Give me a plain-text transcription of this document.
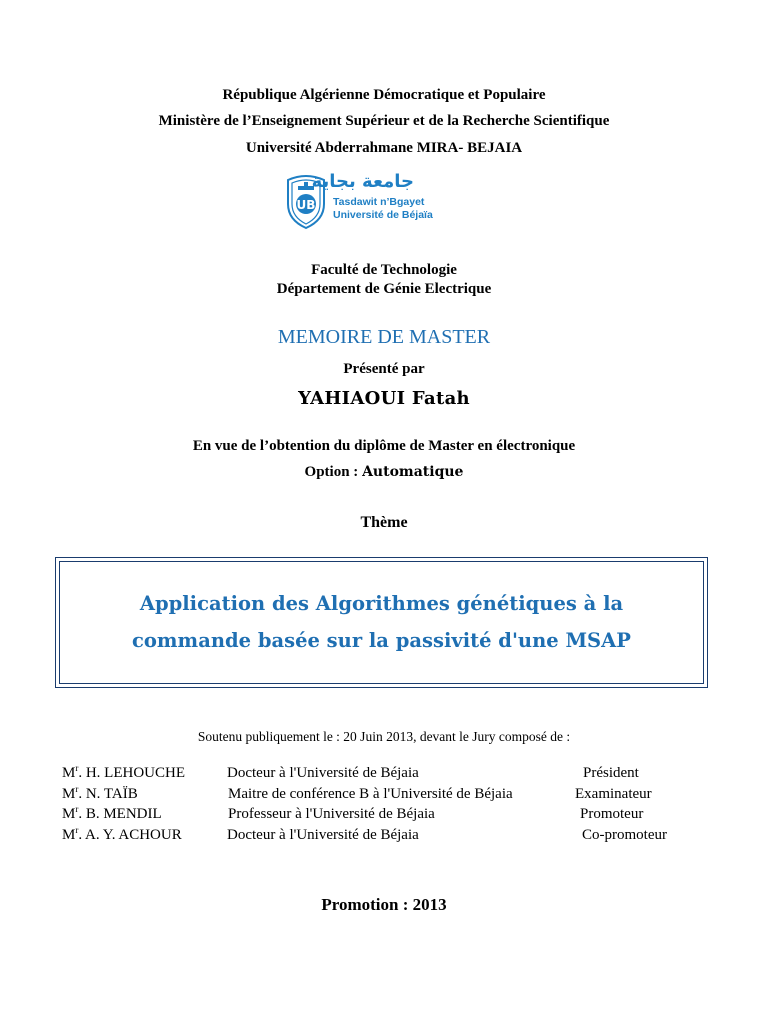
République Algérienne Démocratique et Populaire
Ministère de l’Enseignement Supérieur et de la Recherche Scientifique
Université Abderrahmane MIRA- BEJAIA
UB
جامعة بجاية
Tasdawit n’Bgayet
Université de Béjaïa
Faculté de Technologie
Département de Génie Electrique
MEMOIRE DE MASTER
Présenté par
YAHIAOUI Fatah
En vue de l’obtention du diplôme de Master en électronique
Option : Automatique
Thème
Application des Algorithmes génétiques à la
commande basée sur la passivité d'une MSAP
Soutenu publiquement le : 20 Juin 2013, devant le Jury composé de :
$M^r$. H. LEHOUCHE	Docteur à l'Université de Béjaia	Président
$M^r$. N. TAÏB	Maitre de conférence B à l'Université de Béjaia	Examinateur
$M^r$. B. MENDIL	Professeur à l'Université de Béjaia	Promoteur
$M^r$. A. Y. ACHOUR	Docteur à l'Université de Béjaia	Co-promoteur
Promotion : 2013
